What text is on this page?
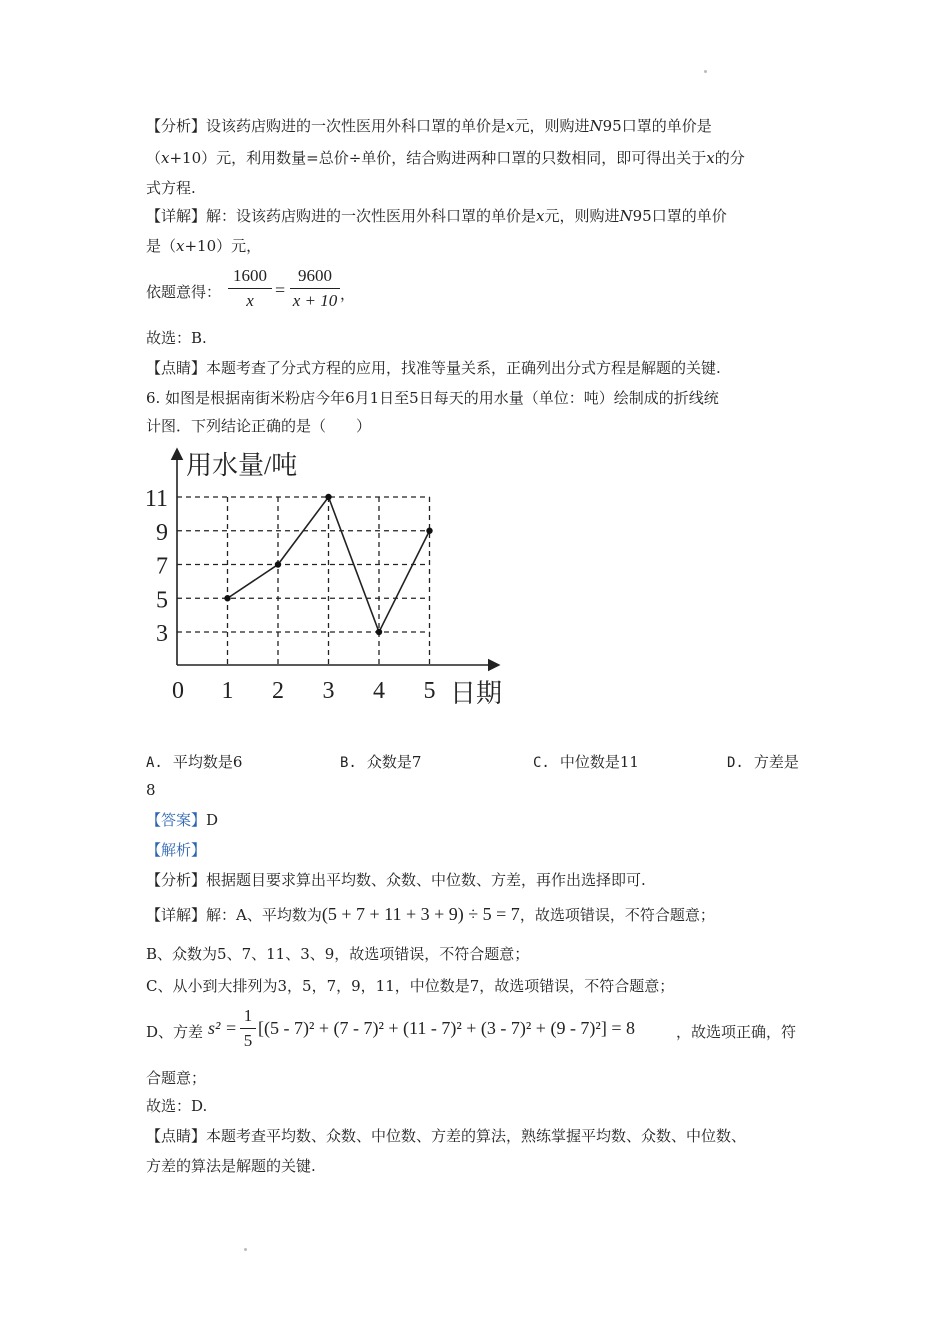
【分析】设该药店购进的一次性医用外科口罩的单价是x元，则购进N95口罩的单价是
（x+10）元，利用数量=总价÷单价，结合购进两种口罩的只数相同，即可得出关于x的分
式方程.
【详解】解：设该药店购进的一次性医用外科口罩的单价是x元，则购进N95口罩的单价
是（x+10）元，
依题意得：
1600
x
=
9600
x + 10 ，
故选：B.
【点睛】本题考查了分式方程的应用，找准等量关系，正确列出分式方程是解题的关键.
6. 如图是根据南街米粉店今年6月1日至5日每天的用水量（单位：吨）绘制成的折线统
计图．下列结论正确的是（　　）
用水量/吨
日期
0
3
5
7
9
11
1 2 3 4 5
A. 平均数是6	B. 众数是7	C. 中位数是11	D. 方差是
8
【答案】D
【解析】
【分析】根据题目要求算出平均数、众数、中位数、方差，再作出选择即可.
【详解】解：A、平均数为(5 + 7 + 11 + 3 + 9) ÷ 5 = 7，故选项错误，不符合题意；
B、众数为5、7、11、3、9，故选项错误，不符合题意；
C、从小到大排列为3，5，7，9，11，中位数是7，故选项错误，不符合题意；
D、方差 s² =
1
5
[(5 - 7)² + (7 - 7)² + (11 - 7)² + (3 - 7)² + (9 - 7)²] = 8	，故选项正确，符
合题意；
故选：D.
【点睛】本题考查平均数、众数、中位数、方差的算法，熟练掌握平均数、众数、中位数、
方差的算法是解题的关键.
